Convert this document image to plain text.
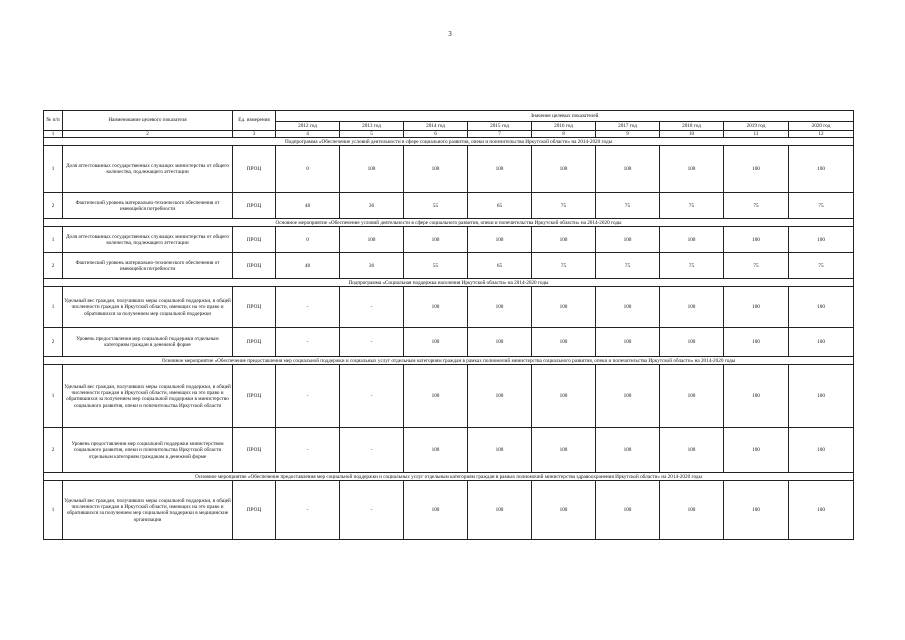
3
№ п/п	Наименование целевого показателя	Ед. измерения	Значение целевых показателей								
			2012 год	2013 год	2014 год	2015 год	2016 год	2017 год	2018 год	2019 год	2020 год
1	2	3	4	5	6	7	8	9	10	11	12
Подпрограмма «Обеспечение условий деятельности в сфере социального развития, опеки и попечительства Иркутской области» на 2014-2020 годы											
1	Доля аттестованных государственных служащих министерства от общего количества, подлежащего аттестации	ПРОЦ	0	100	100	100	100	100	100	100	100
2	Фактический уровень материально-технического обеспечения от имеющейся потребности	ПРОЦ	48	36	55	65	75	75	75	75	75
Основное мероприятие «Обеспечение условий деятельности в сфере социального развития, опеки и попечительства Иркутской области» на 2014-2020 годы											
1	Доля аттестованных государственных служащих министерства от общего количества, подлежащего аттестации	ПРОЦ	0	100	100	100	100	100	100	100	100
2	Фактический уровень материально-технического обеспечения от имеющейся потребности	ПРОЦ	48	36	55	65	75	75	75	75	75
Подпрограмма «Социальная поддержка населения Иркутской области» на 2014-2020 годы											
1	Удельный вес граждан, получивших меры социальной поддержки, в общей численности граждан в Иркутской области, имеющих на это право и обратившихся за получением мер социальной поддержки	ПРОЦ	-	-	100	100	100	100	100	100	100
2	Уровень предоставления мер социальной поддержки отдельным категориям граждан в денежной форме	ПРОЦ	-	-	100	100	100	100	100	100	100
Основное мероприятие «Обеспечение предоставления мер социальной поддержки и социальных услуг отдельным категориям граждан в рамках полномочий министерства социального развития, опеки и попечительства Иркутской области» на 2014-2020 годы											
1	Удельный вес граждан, получивших меры социальной поддержки, в общей численности граждан в Иркутской области, имеющих на это право и обратившихся за получением мер социальной поддержки в министерство социального развития, опеки и попечительства Иркутской области	ПРОЦ	-	-	100	100	100	100	100	100	100
2	Уровень предоставления мер социальной поддержки министерством социального развития, опеки и попечительства Иркутской области отдельным категориям гражданам в денежной форме	ПРОЦ	-	-	100	100	100	100	100	100	100
Основное мероприятие «Обеспечение предоставления мер социальной поддержки и социальных услуг отдельным категориям граждан в рамках полномочий министерства здравоохранения Иркутской области» на 2014-2020 годы											
1	Удельный вес граждан, получивших меры социальной поддержки, в общей численности граждан в Иркутской области, имеющих на это право и обратившихся за получением мер социальной поддержки в медицинские организации	ПРОЦ	-	-	100	100	100	100	100	100	100
